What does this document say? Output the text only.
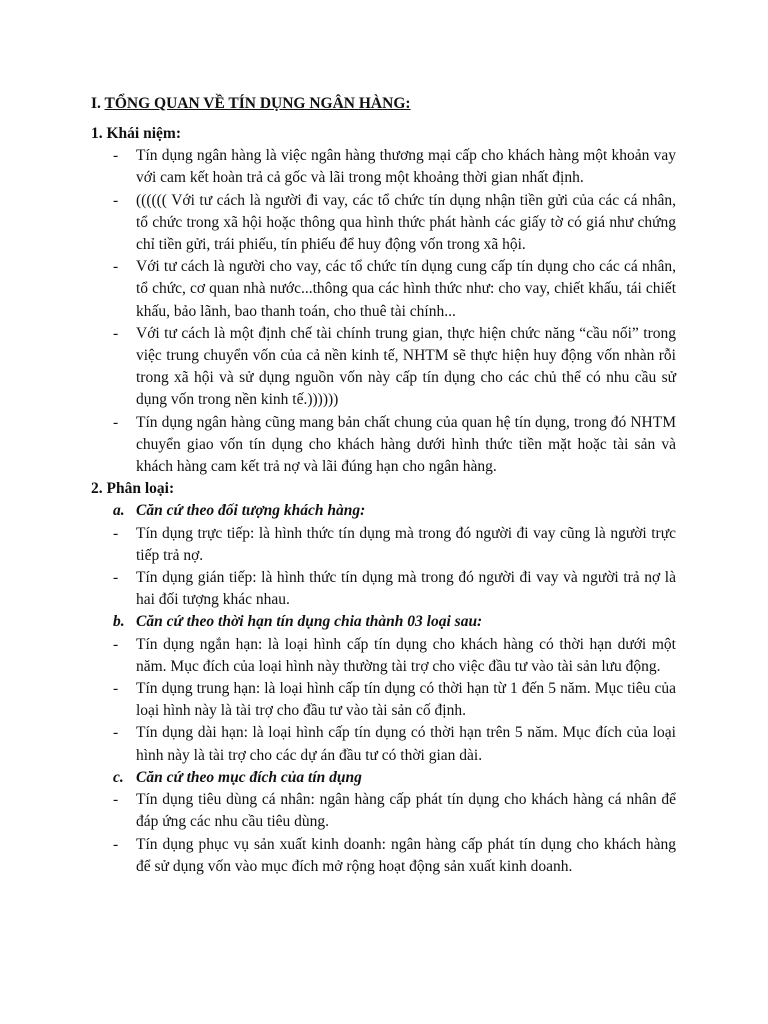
I. TỔNG QUAN VỀ TÍN DỤNG NGÂN HÀNG:
1. Khái niệm:
-	Tín dụng ngân hàng là việc ngân hàng thương mại cấp cho khách hàng một khoản vay với cam kết hoàn trả cả gốc và lãi trong một khoảng thời gian nhất định.
-	(((((( Với tư cách là người đi vay, các tổ chức tín dụng nhận tiền gửi của các cá nhân, tổ chức trong xã hội hoặc thông qua hình thức phát hành các giấy tờ có giá như chứng chỉ tiền gửi, trái phiếu, tín phiếu để huy động vốn trong xã hội.
-	Với tư cách là người cho vay, các tổ chức tín dụng cung cấp tín dụng cho các cá nhân, tổ chức, cơ quan nhà nước...thông qua các hình thức như: cho vay, chiết khấu, tái chiết khấu, bảo lãnh, bao thanh toán, cho thuê tài chính...
-	Với tư cách là một định chế tài chính trung gian, thực hiện chức năng “cầu nối” trong việc trung chuyển vốn của cả nền kinh tế, NHTM sẽ thực hiện huy động vốn nhàn rỗi trong xã hội và sử dụng nguồn vốn này cấp tín dụng cho các chủ thể có nhu cầu sử dụng vốn trong nền kinh tế.))))))
-	Tín dụng ngân hàng cũng mang bản chất chung của quan hệ tín dụng, trong đó NHTM chuyển giao vốn tín dụng cho khách hàng dưới hình thức tiền mặt hoặc tài sản và khách hàng cam kết trả nợ và lãi đúng hạn cho ngân hàng.
2. Phân loại:
a. Căn cứ theo đối tượng khách hàng:
-	Tín dụng trực tiếp: là hình thức tín dụng mà trong đó người đi vay cũng là người trực tiếp trả nợ.
-	Tín dụng gián tiếp: là hình thức tín dụng mà trong đó người đi vay và người trả nợ là hai đối tượng khác nhau.
b. Căn cứ theo thời hạn tín dụng chia thành 03 loại sau:
-	Tín dụng ngắn hạn: là loại hình cấp tín dụng cho khách hàng có thời hạn dưới một năm. Mục đích của loại hình này thường tài trợ cho việc đầu tư vào tài sản lưu động.
-	Tín dụng trung hạn: là loại hình cấp tín dụng có thời hạn từ 1 đến 5 năm. Mục tiêu của loại hình này là tài trợ cho đầu tư vào tài sản cố định.
-	Tín dụng dài hạn: là loại hình cấp tín dụng có thời hạn trên 5 năm. Mục đích của loại hình này là tài trợ cho các dự án đầu tư có thời gian dài.
c. Căn cứ theo mục đích của tín dụng
-	Tín dụng tiêu dùng cá nhân: ngân hàng cấp phát tín dụng cho khách hàng cá nhân để đáp ứng các nhu cầu tiêu dùng.
-	Tín dụng phục vụ sản xuất kinh doanh: ngân hàng cấp phát tín dụng cho khách hàng để sử dụng vốn vào mục đích mở rộng hoạt động sản xuất kinh doanh.
